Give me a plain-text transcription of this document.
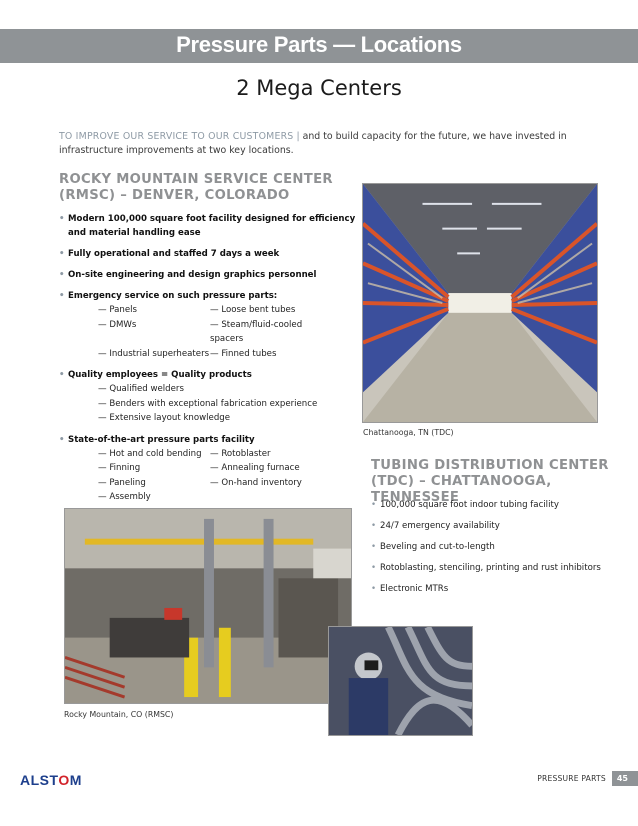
Pressure Parts — Locations
2 Mega Centers
TO IMPROVE OUR SERVICE TO OUR CUSTOMERS | and to build capacity for the future, we have invested in infrastructure improvements at two key locations.
ROCKY MOUNTAIN SERVICE CENTER
(RMSC) – DENVER, COLORADO
• Modern 100,000 square foot facility designed for efficiency
and material handling ease
• Fully operational and staffed 7 days a week
• On-site engineering and design graphics personnel
• Emergency service on such pressure parts:
— Panels	— Loose bent tubes
— DMWs	— Steam/fluid-cooled spacers
— Industrial superheaters — Finned tubes
• Quality employees = Quality products
— Qualified welders
— Benders with exceptional fabrication experience
— Extensive layout knowledge
• State-of-the-art pressure parts facility
— Hot and cold bending — Rotoblaster
— Finning	— Annealing furnace
— Paneling	— On-hand inventory
— Assembly
Chattanooga, TN (TDC)
TUBING DISTRIBUTION CENTER
(TDC) – CHATTANOOGA, TENNESSEE
• 100,000 square foot indoor tubing facility
• 24/7 emergency availability
• Beveling and cut-to-length
• Rotoblasting, stenciling, printing and rust inhibitors
• Electronic MTRs
Rocky Mountain, CO (RMSC)
ALSTOM	PRESSURE PARTS	45
